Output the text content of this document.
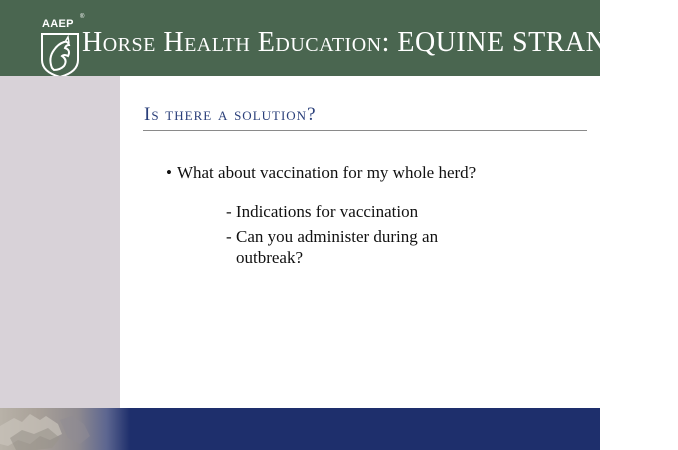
AAEP
®
Horse Health Education: EQUINE STRANGLES
Is there a solution?
• What about vaccination for my whole herd?
- Indications for vaccination
- Can you administer during an outbreak?
